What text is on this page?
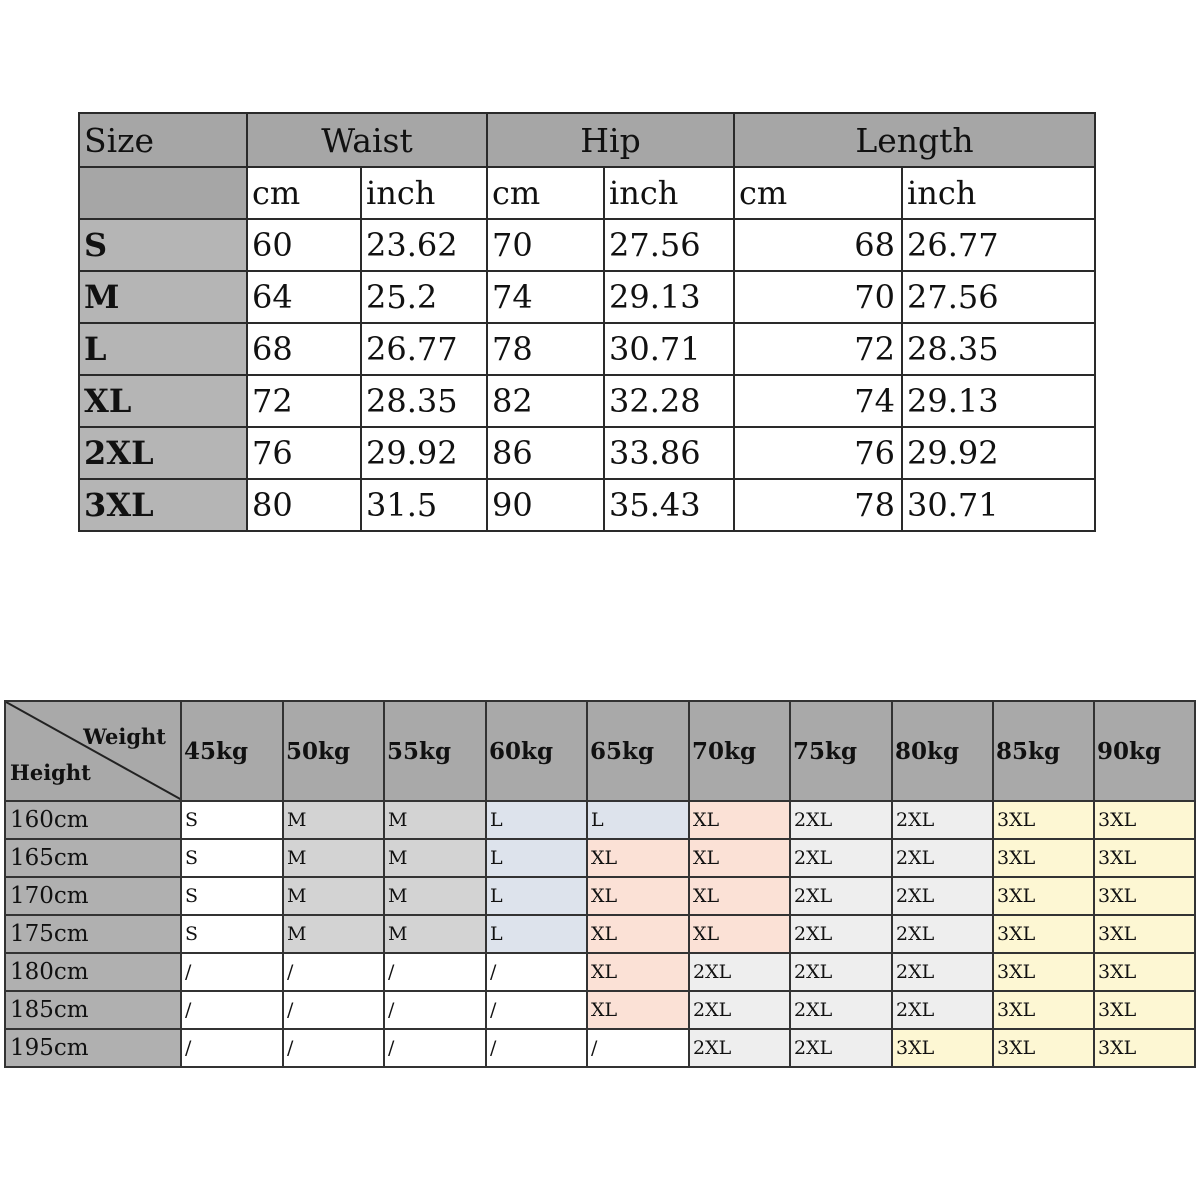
Size	Waist		Hip		Length	
	cm	inch	cm	inch	cm	inch
S	60	23.62	70	27.56	68	26.77
M	64	25.2	74	29.13	70	27.56
L	68	26.77	78	30.71	72	28.35
XL	72	28.35	82	32.28	74	29.13
2XL	76	29.92	86	33.86	76	29.92
3XL	80	31.5	90	35.43	78	30.71
Weight
Height	45kg	50kg	55kg	60kg	65kg	70kg	75kg	80kg	85kg	90kg
160cm	S	M	M	L	L	XL	2XL	2XL	3XL	3XL
165cm	S	M	M	L	XL	XL	2XL	2XL	3XL	3XL
170cm	S	M	M	L	XL	XL	2XL	2XL	3XL	3XL
175cm	S	M	M	L	XL	XL	2XL	2XL	3XL	3XL
180cm	/	/	/	/	XL	2XL	2XL	2XL	3XL	3XL
185cm	/	/	/	/	XL	2XL	2XL	2XL	3XL	3XL
195cm	/	/	/	/	/	2XL	2XL	3XL	3XL	3XL
